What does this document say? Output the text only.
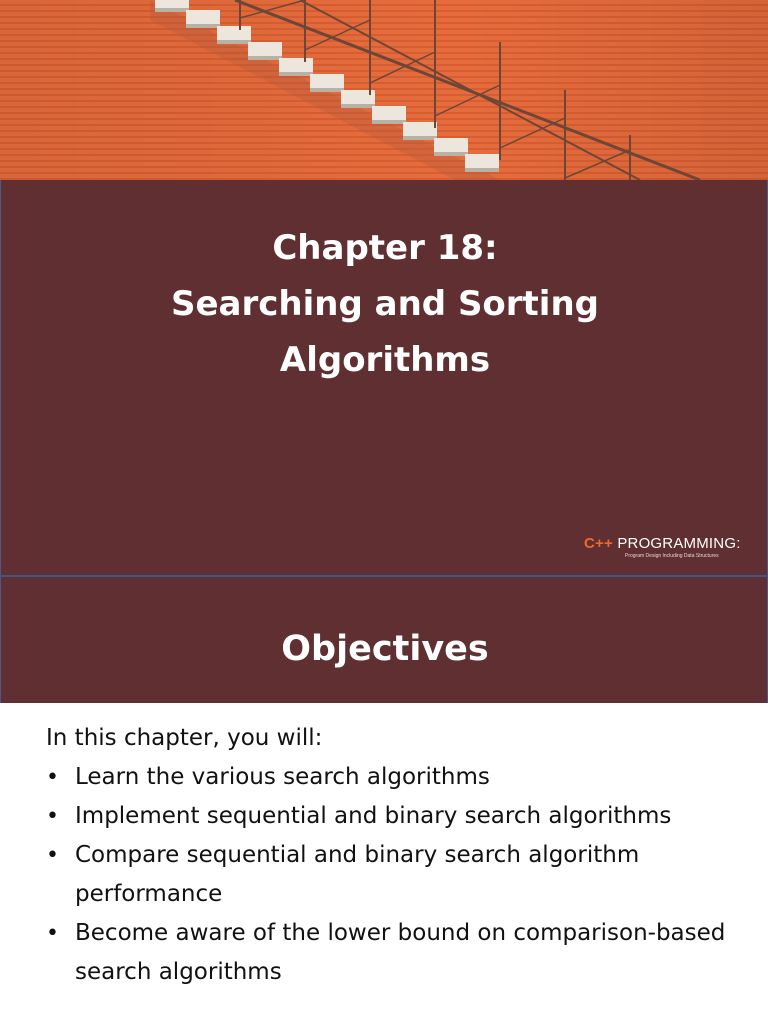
Chapter 18:
Searching and Sorting
Algorithms
C++ PROGRAMMING:
Program Design Including Data Structures
Objectives
In this chapter, you will:
• Learn the various search algorithms
• Implement sequential and binary search algorithms
• Compare sequential and binary search algorithm performance
• Become aware of the lower bound on comparison-based search algorithms
